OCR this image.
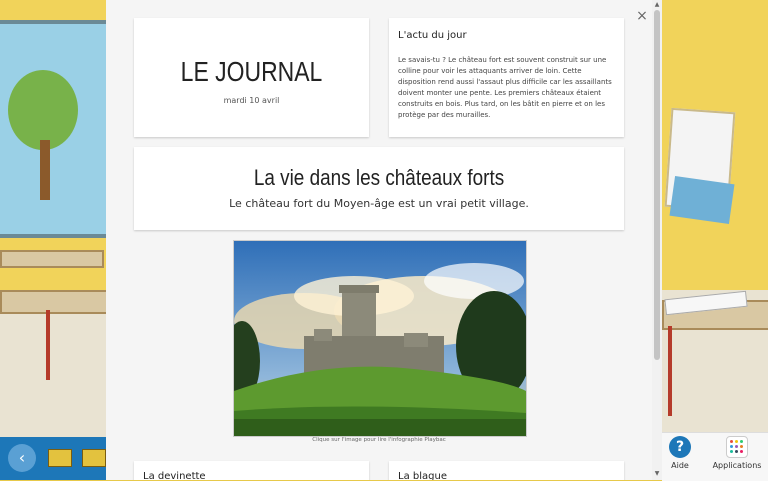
‹
?
Aide	Applications
×
LE JOURNAL
mardi 10 avril
L'actu du jour
Le savais-tu ? Le château fort est souvent construit sur une colline pour voir les attaquants arriver de loin. Cette disposition rend aussi l'assaut plus difficile car les assaillants doivent monter une pente. Les premiers châteaux étaient construits en bois. Plus tard, on les bâtit en pierre et on les protège par des murailles.
La vie dans les châteaux forts
Le château fort du Moyen-âge est un vrai petit village.
Clique sur l'image pour lire l'infographie Playbac
La devinette	La blague
▲
▼
